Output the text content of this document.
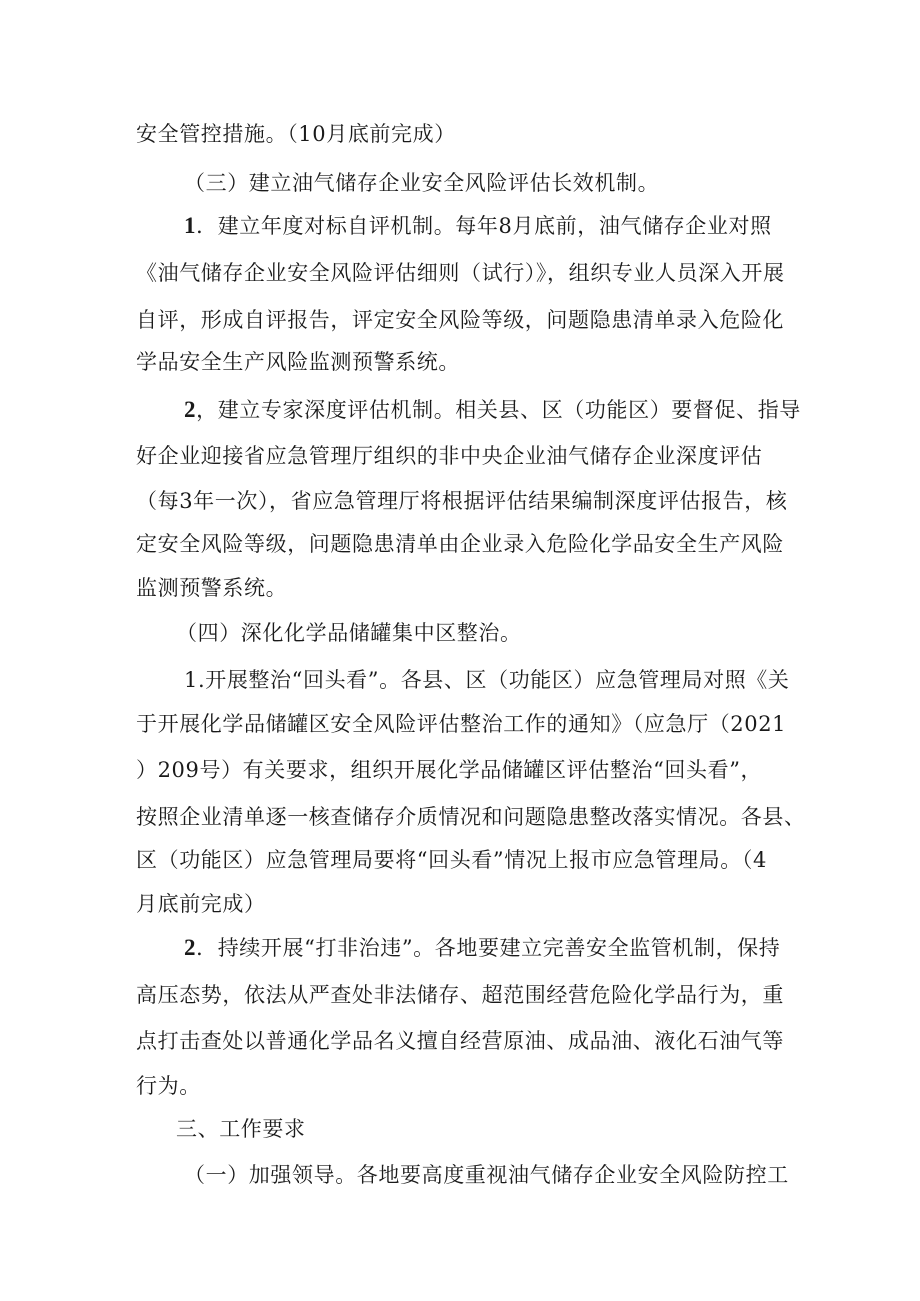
安全管控措施。（10月底前完成）
（三）建立油气储存企业安全风险评估长效机制。
1．建立年度对标自评机制。每年8月底前，油气储存企业对照
《油气储存企业安全风险评估细则（试行）》，组织专业人员深入开展
自评，形成自评报告，评定安全风险等级，问题隐患清单录入危险化
学品安全生产风险监测预警系统。
2，建立专家深度评估机制。相关县、区（功能区）要督促、指导
好企业迎接省应急管理厅组织的非中央企业油气储存企业深度评估
（每3年一次），省应急管理厅将根据评估结果编制深度评估报告，核
定安全风险等级，问题隐患清单由企业录入危险化学品安全生产风险
监测预警系统。
（四）深化化学品储罐集中区整治。
1.开展整治“回头看”。各县、区（功能区）应急管理局对照《关
于开展化学品储罐区安全风险评估整治工作的通知》（应急厅（2021
）209号）有关要求，组织开展化学品储罐区评估整治“回头看”，
按照企业清单逐一核查储存介质情况和问题隐患整改落实情况。各县、
区（功能区）应急管理局要将“回头看”情况上报市应急管理局。（4
月底前完成）
2．持续开展“打非治违”。各地要建立完善安全监管机制，保持
高压态势，依法从严查处非法储存、超范围经营危险化学品行为，重
点打击查处以普通化学品名义擅自经营原油、成品油、液化石油气等
行为。
三、工作要求
（一）加强领导。各地要高度重视油气储存企业安全风险防控工
